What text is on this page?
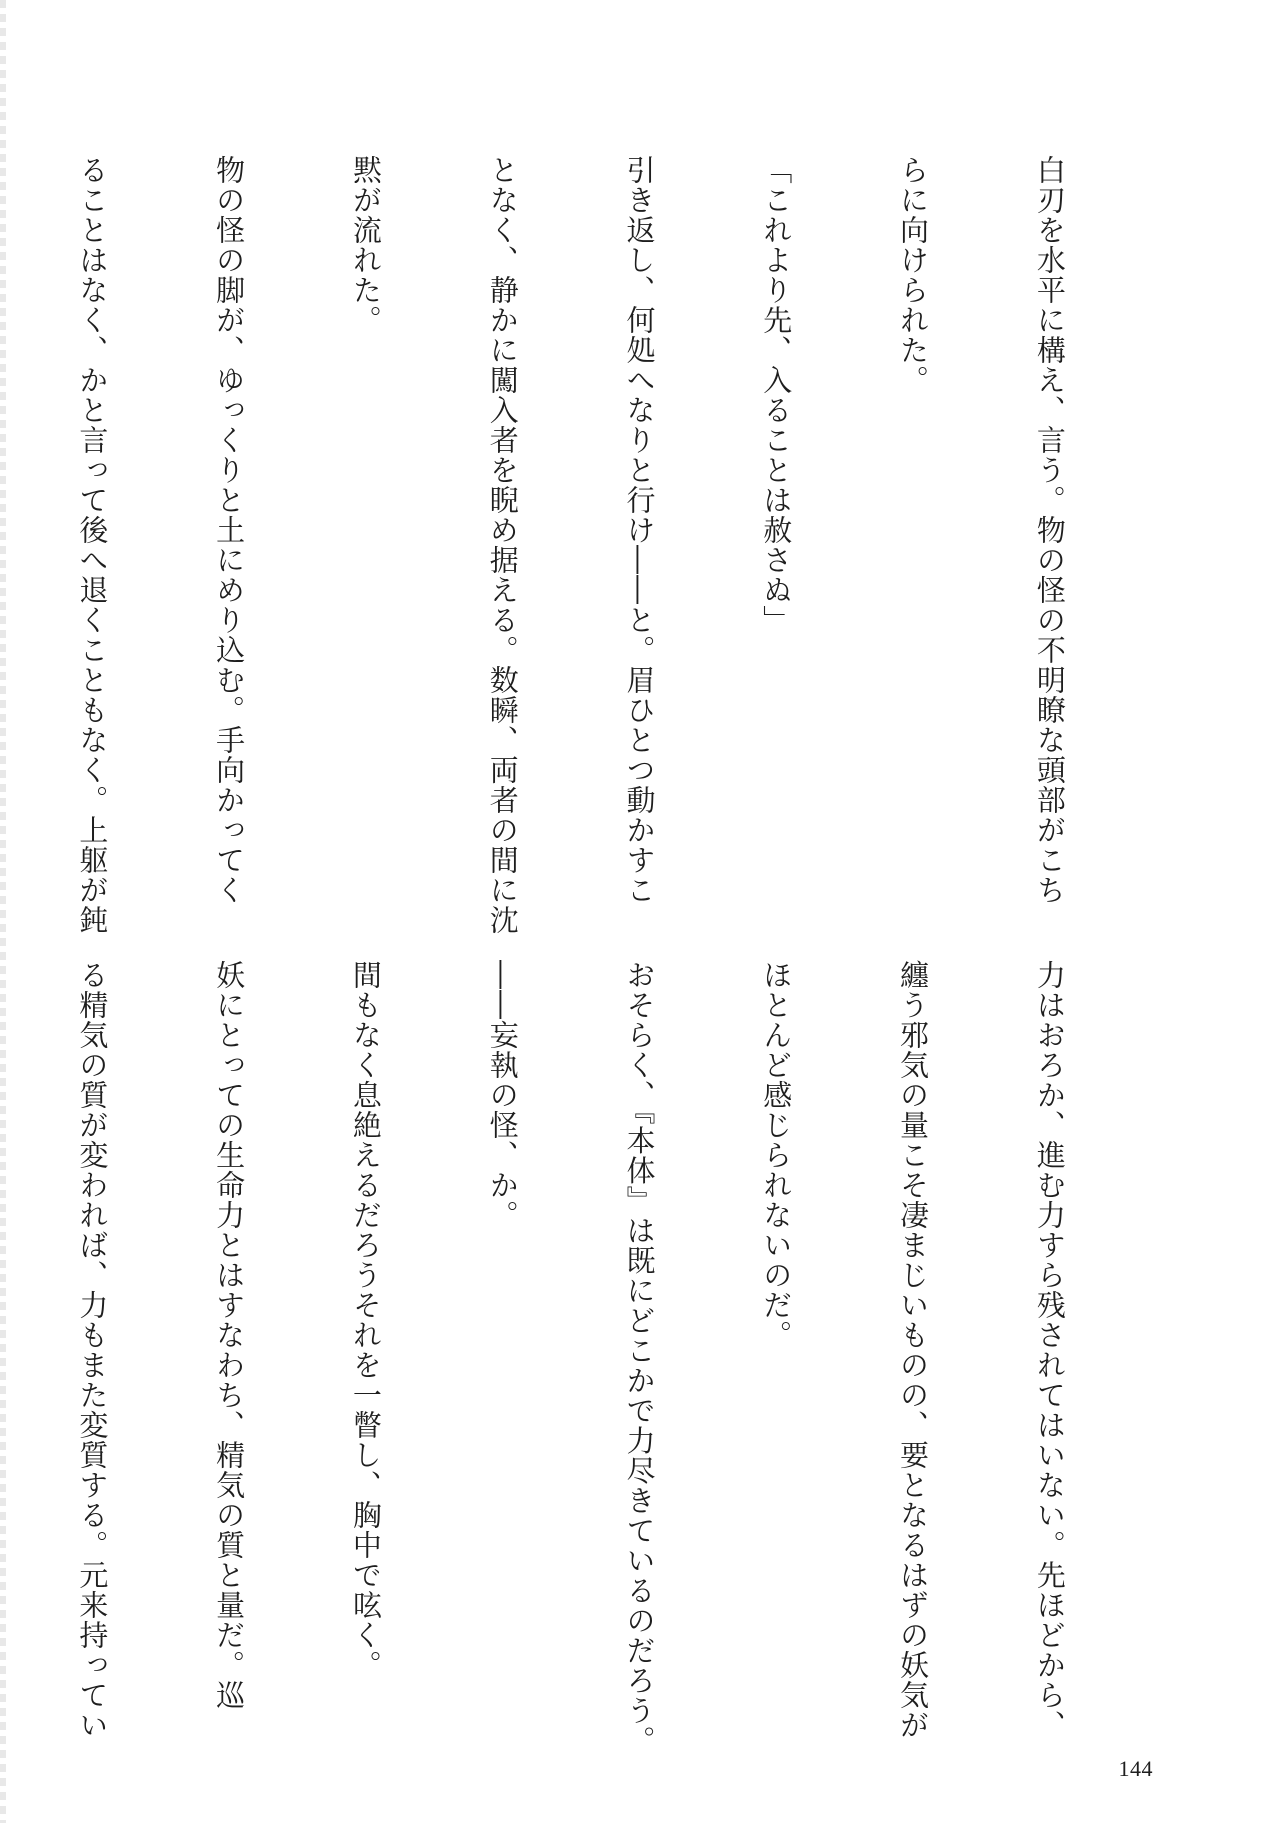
白刃を水平に構え、言う。物の怪の不明瞭な頭部がこち

らに向けられた。

「これより先、入ることは赦さぬ」

引き返し、何処へなりと行け――と。眉ひとつ動かすこ

となく、静かに闖入者を睨め据える。数瞬、両者の間に沈

黙が流れた。

物の怪の脚が、ゆっくりと土にめり込む。手向かってく

ることはなく、かと言って後へ退くこともなく。上躯が鈍

力はおろか、進む力すら残されてはいない。先ほどから、

纏う邪気の量こそ凄まじいものの、要となるはずの妖気が

ほとんど感じられないのだ。

おそらく、『本体』は既にどこかで力尽きているのだろう。

――妄執の怪、か。

間もなく息絶えるだろうそれを一瞥し、胸中で呟く。

妖にとっての生命力とはすなわち、精気の質と量だ。巡

る精気の質が変われば、力もまた変質する。元来持ってい

144
